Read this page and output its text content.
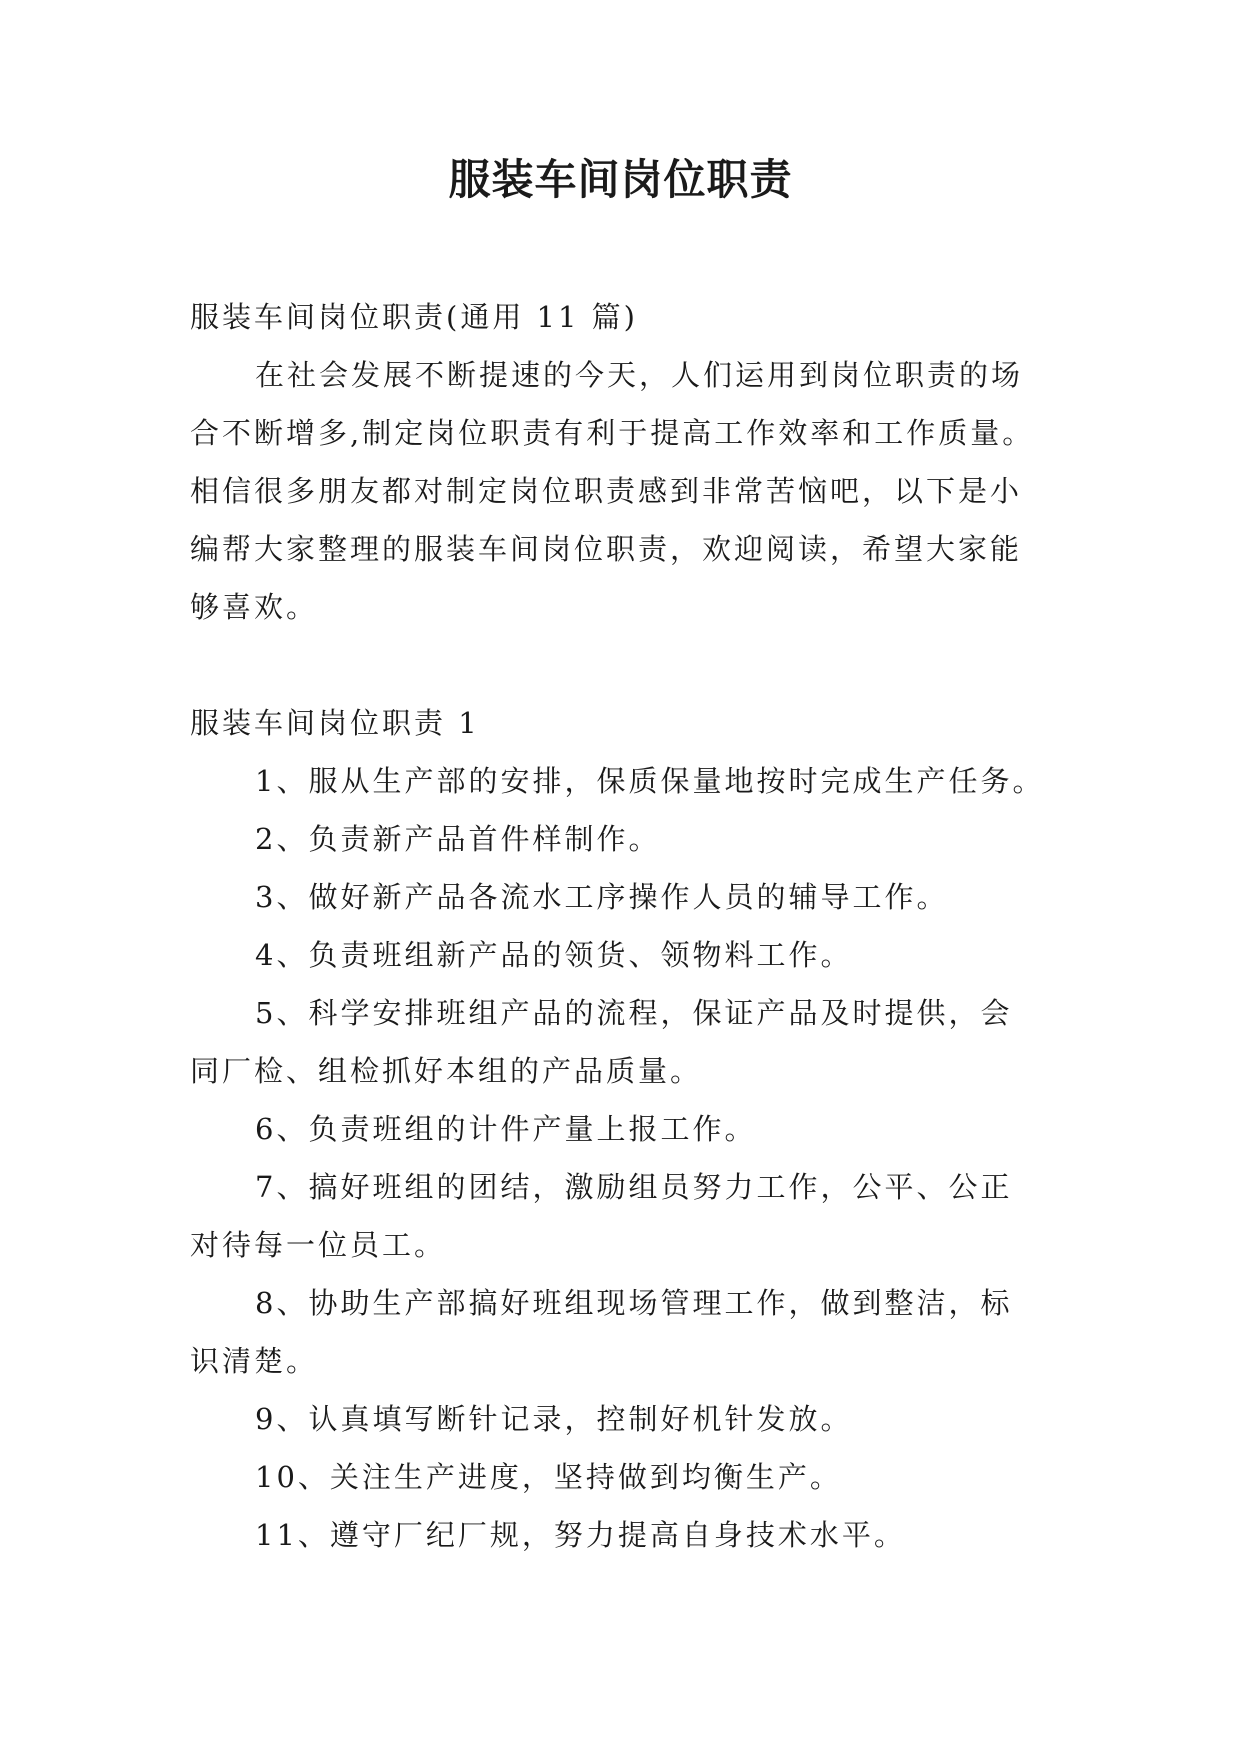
服装车间岗位职责
服装车间岗位职责(通用 11 篇)
在社会发展不断提速的今天，人们运用到岗位职责的场
合不断增多,制定岗位职责有利于提高工作效率和工作质量。
相信很多朋友都对制定岗位职责感到非常苦恼吧，以下是小
编帮大家整理的服装车间岗位职责，欢迎阅读，希望大家能
够喜欢。
服装车间岗位职责 1
1、服从生产部的安排，保质保量地按时完成生产任务。
2、负责新产品首件样制作。
3、做好新产品各流水工序操作人员的辅导工作。
4、负责班组新产品的领货、领物料工作。
5、科学安排班组产品的流程，保证产品及时提供，会
同厂检、组检抓好本组的产品质量。
6、负责班组的计件产量上报工作。
7、搞好班组的团结，激励组员努力工作，公平、公正
对待每一位员工。
8、协助生产部搞好班组现场管理工作，做到整洁，标
识清楚。
9、认真填写断针记录，控制好机针发放。
10、关注生产进度，坚持做到均衡生产。
11、遵守厂纪厂规，努力提高自身技术水平。
